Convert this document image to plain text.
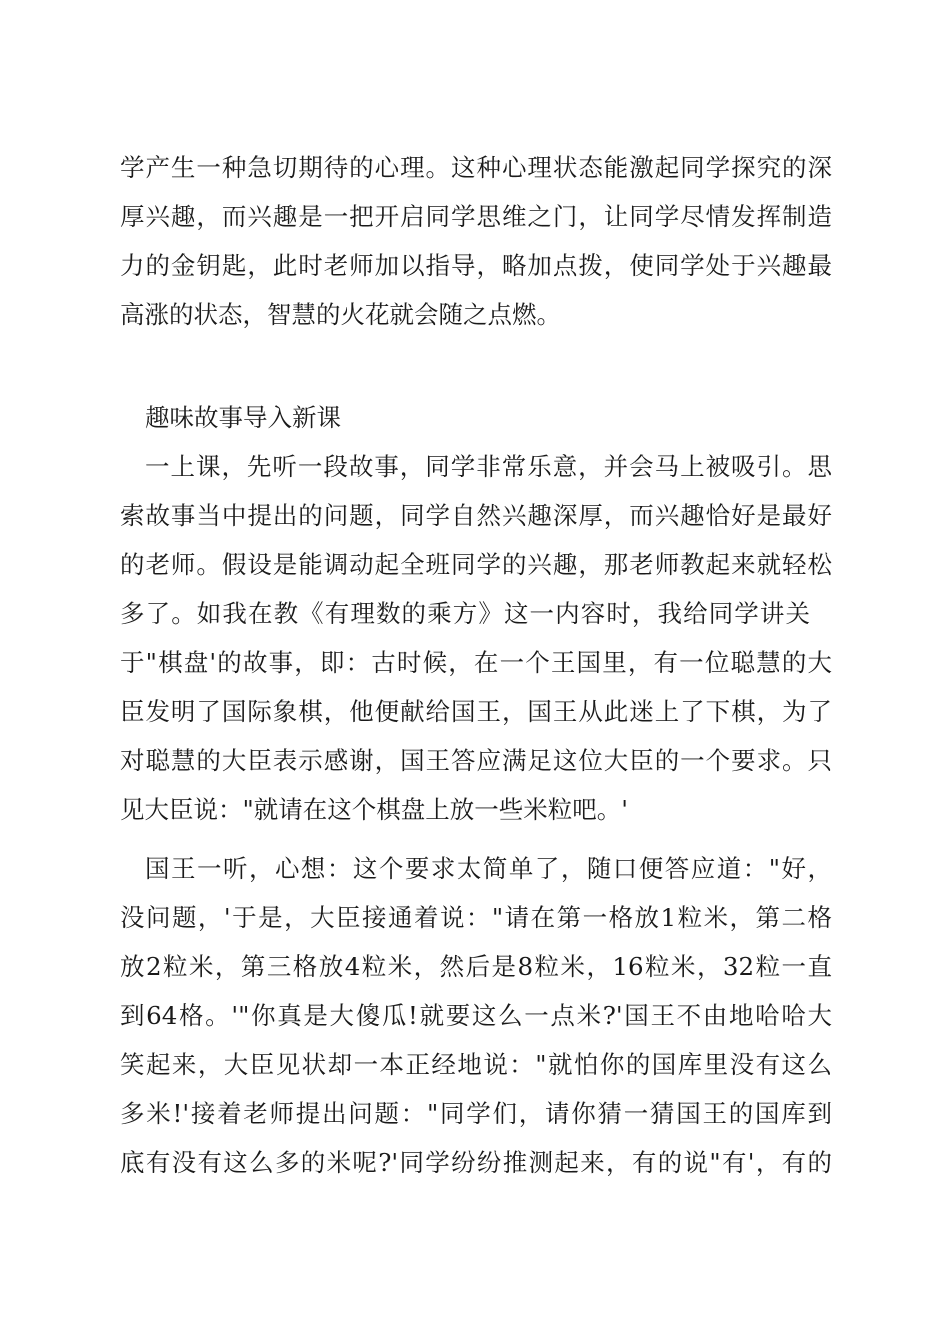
学产生一种急切期待的心理。这种心理状态能激起同学探究的深
厚兴趣，而兴趣是一把开启同学思维之门，让同学尽情发挥制造
力的金钥匙，此时老师加以指导，略加点拨，使同学处于兴趣最
高涨的状态，智慧的火花就会随之点燃。
趣味故事导入新课
一上课，先听一段故事，同学非常乐意，并会马上被吸引。思
索故事当中提出的问题，同学自然兴趣深厚，而兴趣恰好是最好
的老师。假设是能调动起全班同学的兴趣，那老师教起来就轻松
多了。如我在教《有理数的乘方》这一内容时，我给同学讲关
于"棋盘'的故事，即：古时候，在一个王国里，有一位聪慧的大
臣发明了国际象棋，他便献给国王，国王从此迷上了下棋，为了
对聪慧的大臣表示感谢，国王答应满足这位大臣的一个要求。只
见大臣说："就请在这个棋盘上放一些米粒吧。'
国王一听，心想：这个要求太简单了，随口便答应道："好，
没问题，'于是，大臣接通着说："请在第一格放1粒米，第二格
放2粒米，第三格放4粒米，然后是8粒米，16粒米，32粒一直
到64格。'"你真是大傻瓜!就要这么一点米?'国王不由地哈哈大
笑起来，大臣见状却一本正经地说："就怕你的国库里没有这么
多米!'接着老师提出问题："同学们，请你猜一猜国王的国库到
底有没有这么多的米呢?'同学纷纷推测起来，有的说"有'，有的
